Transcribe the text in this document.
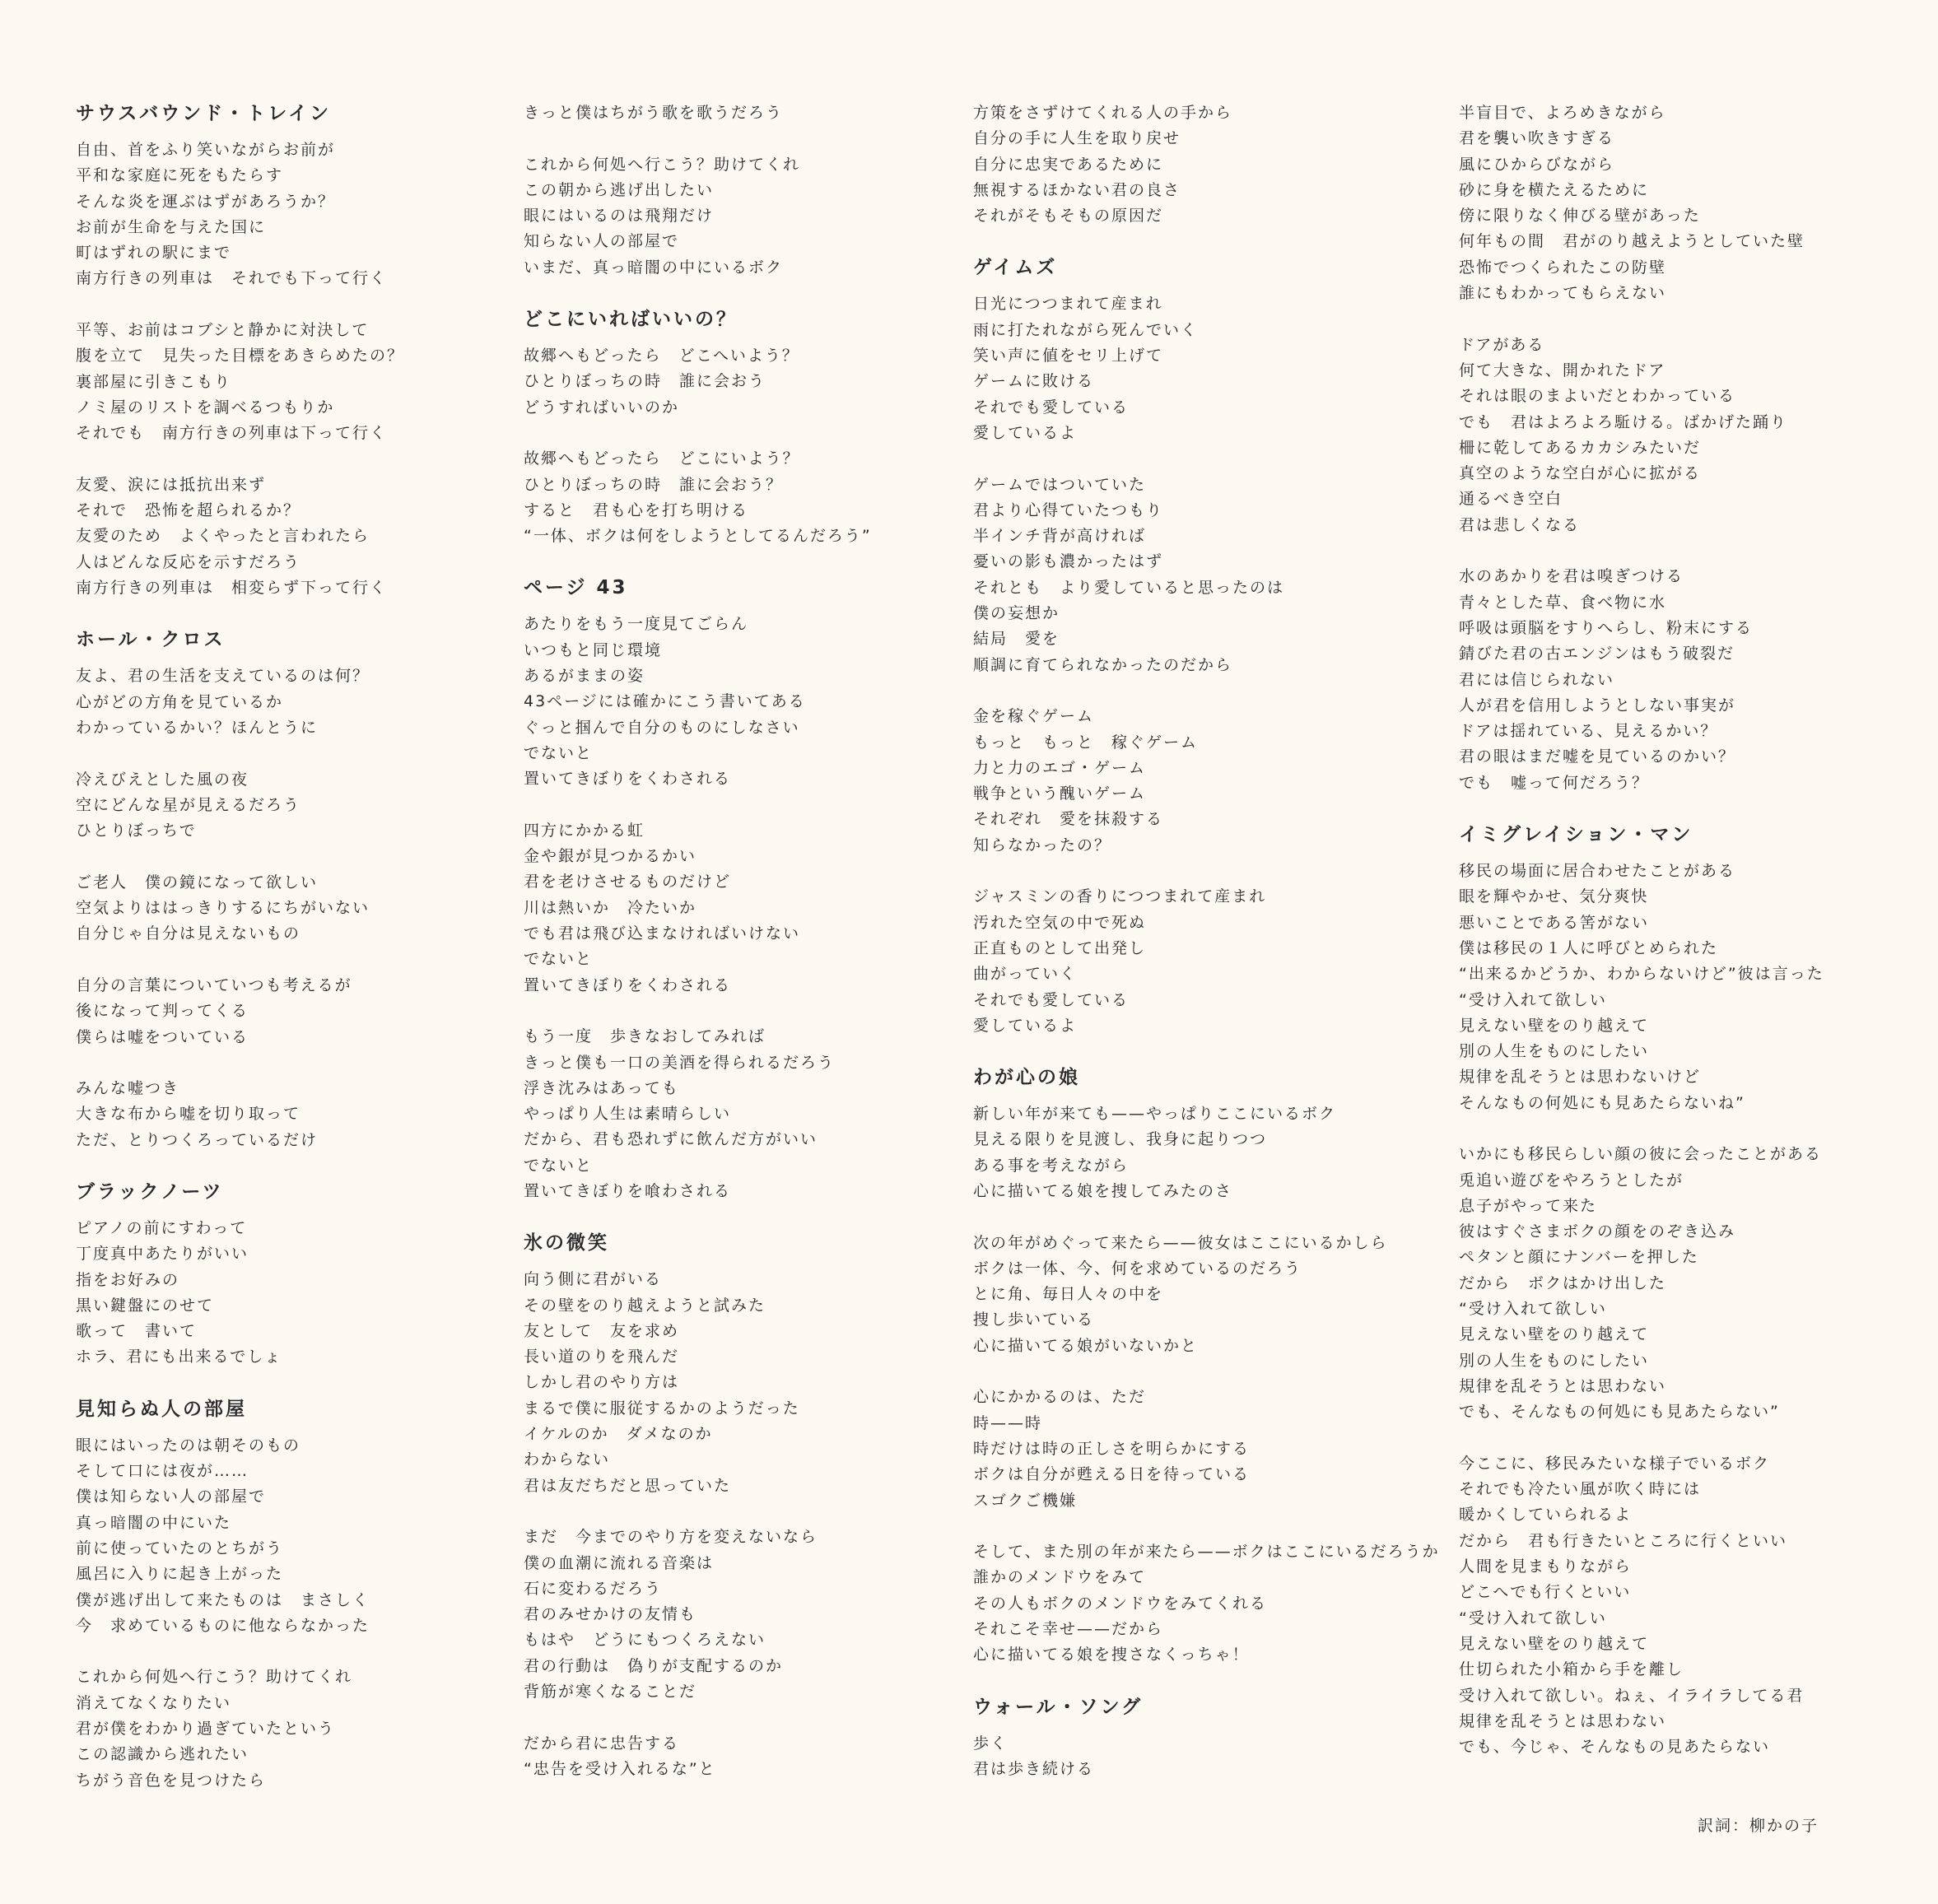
サウスバウンド・トレイン
自由、首をふり笑いながらお前が
平和な家庭に死をもたらす
そんな炎を運ぶはずがあろうか？
お前が生命を与えた国に
町はずれの駅にまで
南方行きの列車は　それでも下って行く
平等、お前はコブシと静かに対決して
腹を立て　見失った目標をあきらめたの？
裏部屋に引きこもり
ノミ屋のリストを調べるつもりか
それでも　南方行きの列車は下って行く
友愛、涙には抵抗出来ず
それで　恐怖を超られるか？
友愛のため　よくやったと言われたら
人はどんな反応を示すだろう
南方行きの列車は　相変らず下って行く
ホール・クロス
友よ、君の生活を支えているのは何？
心がどの方角を見ているか
わかっているかい？ほんとうに
冷えびえとした風の夜
空にどんな星が見えるだろう
ひとりぼっちで
ご老人　僕の鏡になって欲しい
空気よりははっきりするにちがいない
自分じゃ自分は見えないもの
自分の言葉についていつも考えるが
後になって判ってくる
僕らは嘘をついている
みんな嘘つき
大きな布から嘘を切り取って
ただ、とりつくろっているだけ
ブラックノーツ
ピアノの前にすわって
丁度真中あたりがいい
指をお好みの
黒い鍵盤にのせて
歌って　書いて
ホラ、君にも出来るでしょ
見知らぬ人の部屋
眼にはいったのは朝そのもの
そして口には夜が……
僕は知らない人の部屋で
真っ暗闇の中にいた
前に使っていたのとちがう
風呂に入りに起き上がった
僕が逃げ出して来たものは　まさしく
今　求めているものに他ならなかった
これから何処へ行こう？助けてくれ
消えてなくなりたい
君が僕をわかり過ぎていたという
この認識から逃れたい
ちがう音色を見つけたら
きっと僕はちがう歌を歌うだろう
これから何処へ行こう？助けてくれ
この朝から逃げ出したい
眼にはいるのは飛翔だけ
知らない人の部屋で
いまだ、真っ暗闇の中にいるボク
どこにいればいいの？
故郷へもどったら　どこへいよう？
ひとりぼっちの時　誰に会おう
どうすればいいのか
故郷へもどったら　どこにいよう？
ひとりぼっちの時　誰に会おう？
すると　君も心を打ち明ける
“一体、ボクは何をしようとしてるんだろう”
ページ 43
あたりをもう一度見てごらん
いつもと同じ環境
あるがままの姿
43ページには確かにこう書いてある
ぐっと掴んで自分のものにしなさい
でないと
置いてきぼりをくわされる
四方にかかる虹
金や銀が見つかるかい
君を老けさせるものだけど
川は熱いか　冷たいか
でも君は飛び込まなければいけない
でないと
置いてきぼりをくわされる
もう一度　歩きなおしてみれば
きっと僕も一口の美酒を得られるだろう
浮き沈みはあっても
やっぱり人生は素晴らしい
だから、君も恐れずに飲んだ方がいい
でないと
置いてきぼりを喰わされる
氷の微笑
向う側に君がいる
その壁をのり越えようと試みた
友として　友を求め
長い道のりを飛んだ
しかし君のやり方は
まるで僕に服従するかのようだった
イケルのか　ダメなのか
わからない
君は友だちだと思っていた
まだ　今までのやり方を変えないなら
僕の血潮に流れる音楽は
石に変わるだろう
君のみせかけの友情も
もはや　どうにもつくろえない
君の行動は　偽りが支配するのか
背筋が寒くなることだ
だから君に忠告する
“忠告を受け入れるな”と
方策をさずけてくれる人の手から
自分の手に人生を取り戻せ
自分に忠実であるために
無視するほかない君の良さ
それがそもそもの原因だ
ゲイムズ
日光につつまれて産まれ
雨に打たれながら死んでいく
笑い声に値をセリ上げて
ゲームに敗ける
それでも愛している
愛しているよ
ゲームではついていた
君より心得ていたつもり
半インチ背が高ければ
憂いの影も濃かったはず
それとも　より愛していると思ったのは
僕の妄想か
結局　愛を
順調に育てられなかったのだから
金を稼ぐゲーム
もっと　もっと　稼ぐゲーム
力と力のエゴ・ゲーム
戦争という醜いゲーム
それぞれ　愛を抹殺する
知らなかったの？
ジャスミンの香りにつつまれて産まれ
汚れた空気の中で死ぬ
正直ものとして出発し
曲がっていく
それでも愛している
愛しているよ
わが心の娘
新しい年が来ても——やっぱりここにいるボク
見える限りを見渡し、我身に起りつつ
ある事を考えながら
心に描いてる娘を捜してみたのさ
次の年がめぐって来たら——彼女はここにいるかしら
ボクは一体、今、何を求めているのだろう
とに角、毎日人々の中を
捜し歩いている
心に描いてる娘がいないかと
心にかかるのは、ただ
時——時
時だけは時の正しさを明らかにする
ボクは自分が甦える日を待っている
スゴクご機嫌
そして、また別の年が来たら——ボクはここにいるだろうか
誰かのメンドウをみて
その人もボクのメンドウをみてくれる
それこそ幸せ——だから
心に描いてる娘を捜さなくっちゃ！
ウォール・ソング
歩く
君は歩き続ける
半盲目で、よろめきながら
君を襲い吹きすぎる
風にひからびながら
砂に身を横たえるために
傍に限りなく伸びる壁があった
何年もの間　君がのり越えようとしていた壁
恐怖でつくられたこの防壁
誰にもわかってもらえない
ドアがある
何て大きな、開かれたドア
それは眼のまよいだとわかっている
でも　君はよろよろ駈ける。ばかげた踊り
柵に乾してあるカカシみたいだ
真空のような空白が心に拡がる
通るべき空白
君は悲しくなる
水のあかりを君は嗅ぎつける
青々とした草、食べ物に水
呼吸は頭脳をすりへらし、粉末にする
錆びた君の古エンジンはもう破裂だ
君には信じられない
人が君を信用しようとしない事実が
ドアは揺れている、見えるかい？
君の眼はまだ嘘を見ているのかい？
でも　嘘って何だろう？
イミグレイション・マン
移民の場面に居合わせたことがある
眼を輝やかせ、気分爽快
悪いことである筈がない
僕は移民の１人に呼びとめられた
“出来るかどうか、わからないけど”彼は言った
“受け入れて欲しい
見えない壁をのり越えて
別の人生をものにしたい
規律を乱そうとは思わないけど
そんなもの何処にも見あたらないね”
いかにも移民らしい顔の彼に会ったことがある
兎追い遊びをやろうとしたが
息子がやって来た
彼はすぐさまボクの顔をのぞき込み
ペタンと顔にナンバーを押した
だから　ボクはかけ出した
“受け入れて欲しい
見えない壁をのり越えて
別の人生をものにしたい
規律を乱そうとは思わない
でも、そんなもの何処にも見あたらない”
今ここに、移民みたいな様子でいるボク
それでも冷たい風が吹く時には
暖かくしていられるよ
だから　君も行きたいところに行くといい
人間を見まもりながら
どこへでも行くといい
“受け入れて欲しい
見えない壁をのり越えて
仕切られた小箱から手を離し
受け入れて欲しい。ねぇ、イライラしてる君
規律を乱そうとは思わない
でも、今じゃ、そんなもの見あたらない
訳詞：柳かの子
